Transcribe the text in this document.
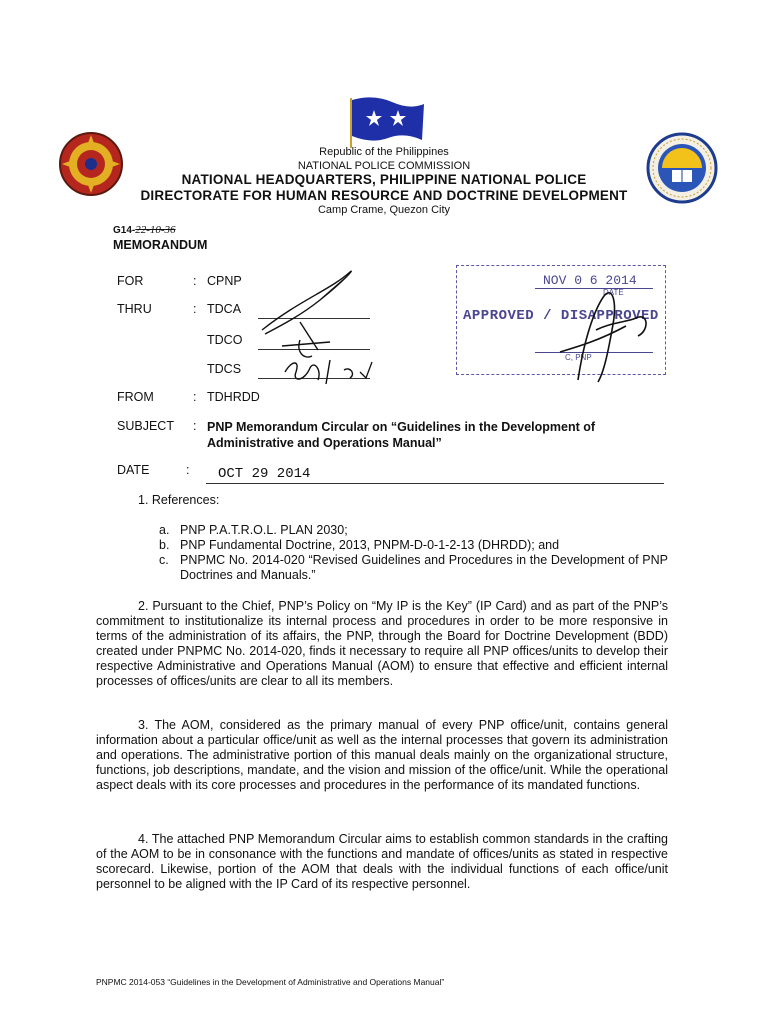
Republic of the Philippines
NATIONAL POLICE COMMISSION
NATIONAL HEADQUARTERS, PHILIPPINE NATIONAL POLICE
DIRECTORATE FOR HUMAN RESOURCE AND DOCTRINE DEVELOPMENT
Camp Crame, Quezon City
G14-22-10-36
MEMORANDUM
FOR	: CPNP
THRU	: TDCA
TDCO
TDCS
FROM	: TDHRDD
SUBJECT : PNP Memorandum Circular on “Guidelines in the Development of Administrative and Operations Manual”
DATE	: OCT 29 2014
NOV 0 6 2014
DATE
APPROVED / DISAPPROVED
C, PNP
1. References:
a. PNP P.A.T.R.O.L. PLAN 2030;
b. PNP Fundamental Doctrine, 2013, PNPM-D-0-1-2-13 (DHRDD); and
c. PNPMC No. 2014-020 “Revised Guidelines and Procedures in the Development of PNP Doctrines and Manuals.”
2. Pursuant to the Chief, PNP’s Policy on “My IP is the Key” (IP Card) and as part of the PNP’s commitment to institutionalize its internal process and procedures in order to be more responsive in terms of the administration of its affairs, the PNP, through the Board for Doctrine Development (BDD) created under PNPMC No. 2014-020, finds it necessary to require all PNP offices/units to develop their respective Administrative and Operations Manual (AOM) to ensure that effective and efficient internal processes of offices/units are clear to all its members.
3. The AOM, considered as the primary manual of every PNP office/unit, contains general information about a particular office/unit as well as the internal processes that govern its administration and operations. The administrative portion of this manual deals mainly on the organizational structure, functions, job descriptions, mandate, and the vision and mission of the office/unit. While the operational aspect deals with its core processes and procedures in the performance of its mandated functions.
4. The attached PNP Memorandum Circular aims to establish common standards in the crafting of the AOM to be in consonance with the functions and mandate of offices/units as stated in respective scorecard. Likewise, portion of the AOM that deals with the individual functions of each office/unit personnel to be aligned with the IP Card of its respective personnel.
PNPMC 2014-053 “Guidelines in the Development of Administrative and Operations Manual”
